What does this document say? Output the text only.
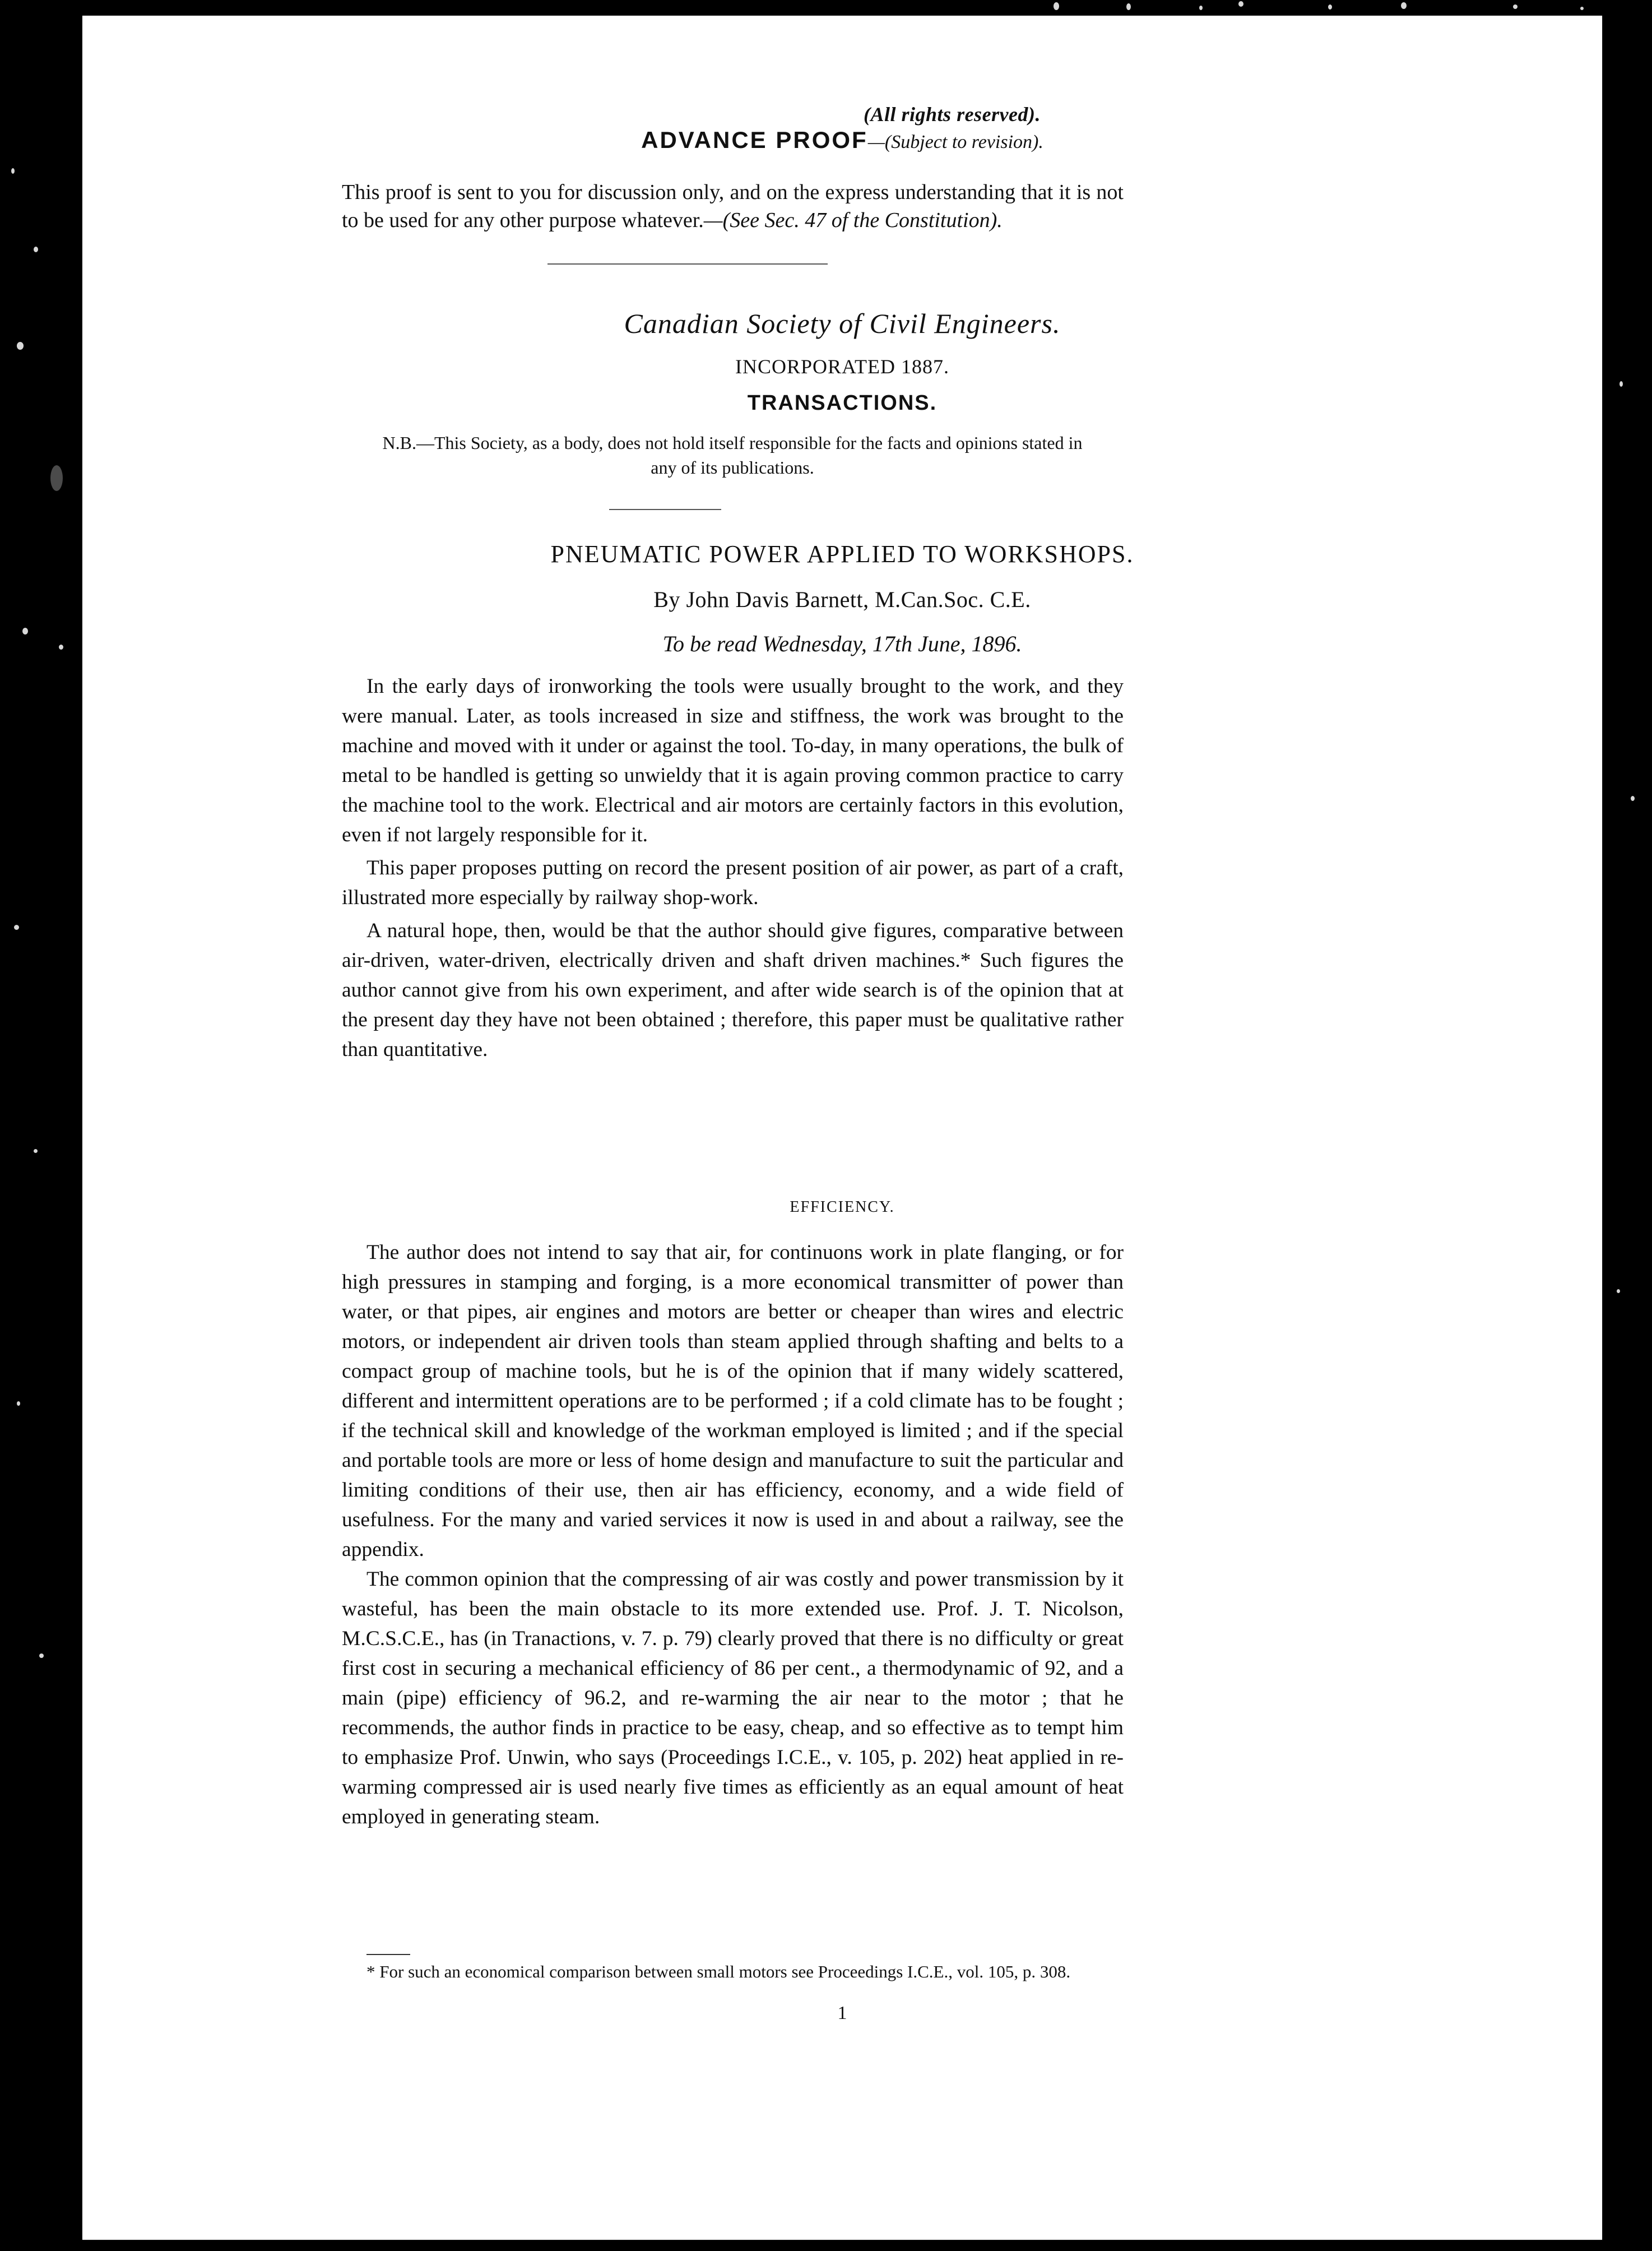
(All rights reserved).
ADVANCE PROOF—(Subject to revision).
This proof is sent to you for discussion only, and on the express understanding that it is not to be used for any other purpose whatever.—(See Sec. 47 of the Constitution).
Canadian Society of Civil Engineers.
INCORPORATED 1887.
TRANSACTIONS.
N.B.—This Society, as a body, does not hold itself responsible for the facts and opinions stated in any of its publications.
PNEUMATIC POWER APPLIED TO WORKSHOPS.
By John Davis Barnett, M.Can.Soc. C.E.
To be read Wednesday, 17th June, 1896.

In the early days of ironworking the tools were usually brought to the work, and they were manual. Later, as tools increased in size and stiffness, the work was brought to the machine and moved with it under or against the tool. To-day, in many operations, the bulk of metal to be handled is getting so unwieldy that it is again proving common practice to carry the machine tool to the work. Electrical and air motors are certainly factors in this evolution, even if not largely responsible for it.

This paper proposes putting on record the present position of air power, as part of a craft, illustrated more especially by railway shop-work.

A natural hope, then, would be that the author should give figures, comparative between air-driven, water-driven, electrically driven and shaft driven machines.* Such figures the author cannot give from his own experiment, and after wide search is of the opinion that at the present day they have not been obtained ; therefore, this paper must be qualitative rather than quantitative.

EFFICIENCY.

The author does not intend to say that air, for continuons work in plate flanging, or for high pressures in stamping and forging, is a more economical transmitter of power than water, or that pipes, air engines and motors are better or cheaper than wires and electric motors, or independent air driven tools than steam applied through shafting and belts to a compact group of machine tools, but he is of the opinion that if many widely scattered, different and intermittent operations are to be performed ; if a cold climate has to be fought ; if the technical skill and knowledge of the workman employed is limited ; and if the special and portable tools are more or less of home design and manufacture to suit the particular and limiting conditions of their use, then air has efficiency, economy, and a wide field of usefulness. For the many and varied services it now is used in and about a railway, see the appendix.

The common opinion that the compressing of air was costly and power transmission by it wasteful, has been the main obstacle to its more extended use. Prof. J. T. Nicolson, M.C.S.C.E., has (in Tranactions, v. 7. p. 79) clearly proved that there is no difficulty or great first cost in securing a mechanical efficiency of 86 per cent., a thermodynamic of 92, and a main (pipe) efficiency of 96.2, and re-warming the air near to the motor ; that he recommends, the author finds in practice to be easy, cheap, and so effective as to tempt him to emphasize Prof. Unwin, who says (Proceedings I.C.E., v. 105, p. 202) heat applied in re-warming compressed air is used nearly five times as efficiently as an equal amount of heat employed in generating steam.

* For such an economical comparison between small motors see Proceedings I.C.E., vol. 105, p. 308.
1
